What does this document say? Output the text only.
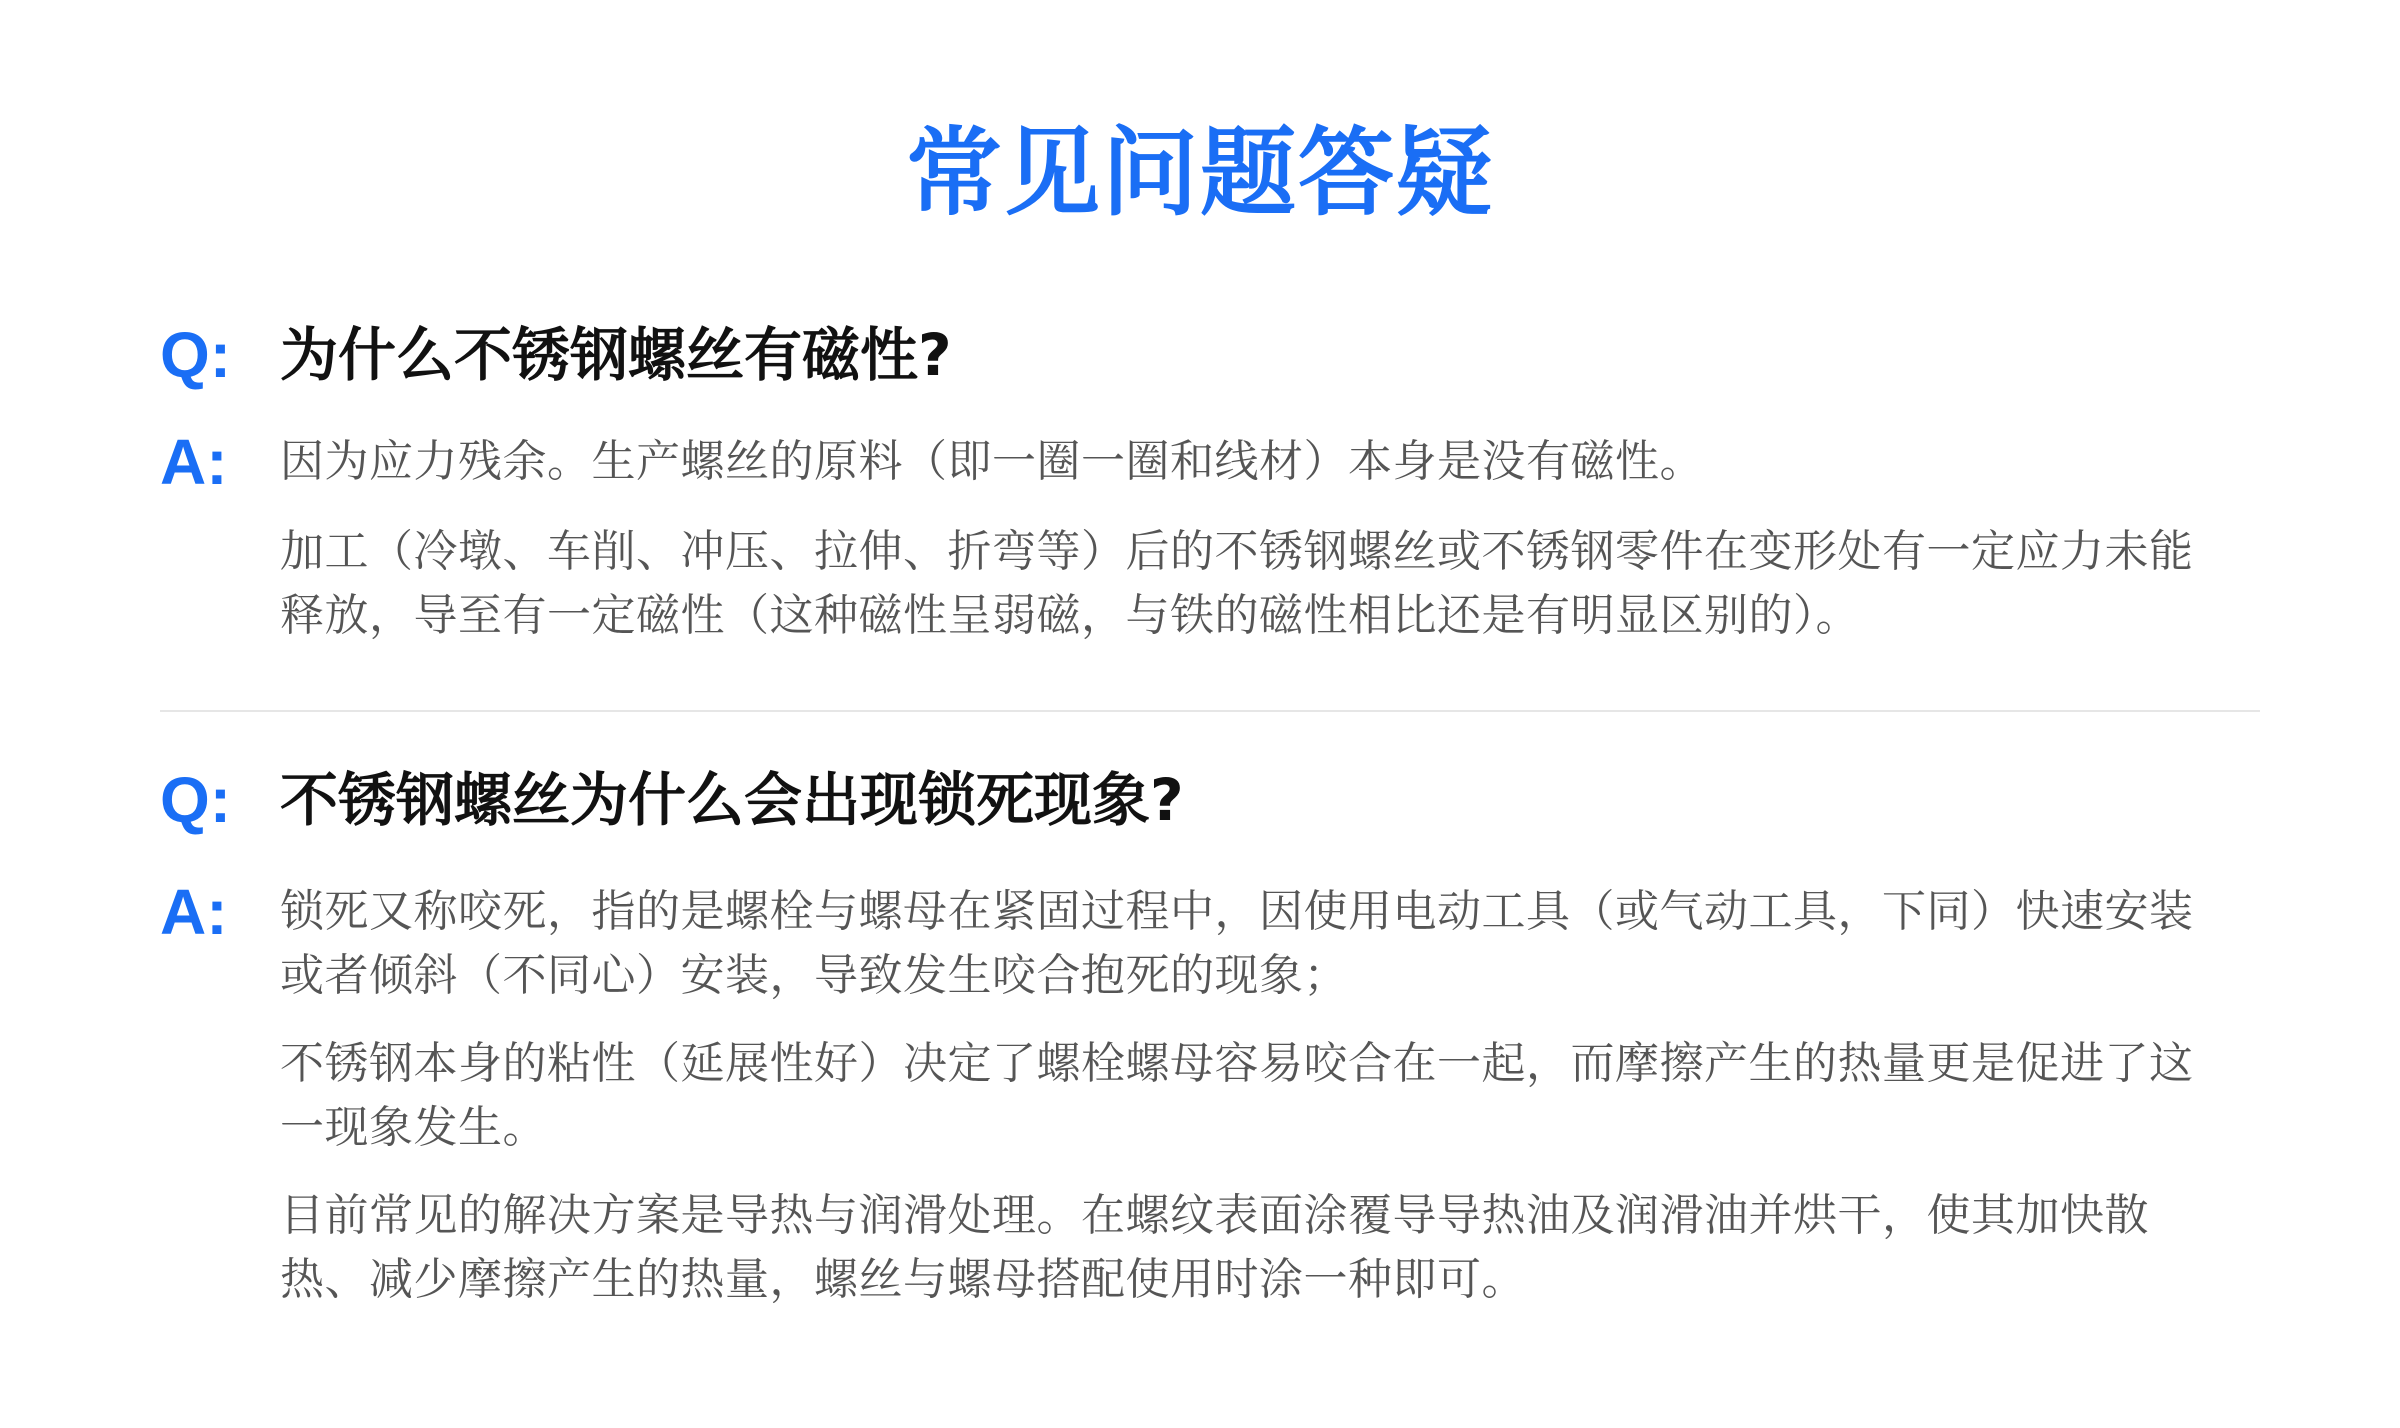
常见问题答疑
Q: 为什么不锈钢螺丝有磁性?
A: 因为应力残余。生产螺丝的原料（即一圈一圈和线材）本身是没有磁性。
加工（冷墩、车削、冲压、拉伸、折弯等）后的不锈钢螺丝或不锈钢零件在变形处有一定应力未能释放，导至有一定磁性（这种磁性呈弱磁，与铁的磁性相比还是有明显区别的）。
Q: 不锈钢螺丝为什么会出现锁死现象?
A: 锁死又称咬死，指的是螺栓与螺母在紧固过程中，因使用电动工具（或气动工具，下同）快速安装或者倾斜（不同心）安装，导致发生咬合抱死的现象；
不锈钢本身的粘性（延展性好）决定了螺栓螺母容易咬合在一起，而摩擦产生的热量更是促进了这一现象发生。
目前常见的解决方案是导热与润滑处理。在螺纹表面涂覆导导热油及润滑油并烘干，使其加快散热、减少摩擦产生的热量，螺丝与螺母搭配使用时涂一种即可。
